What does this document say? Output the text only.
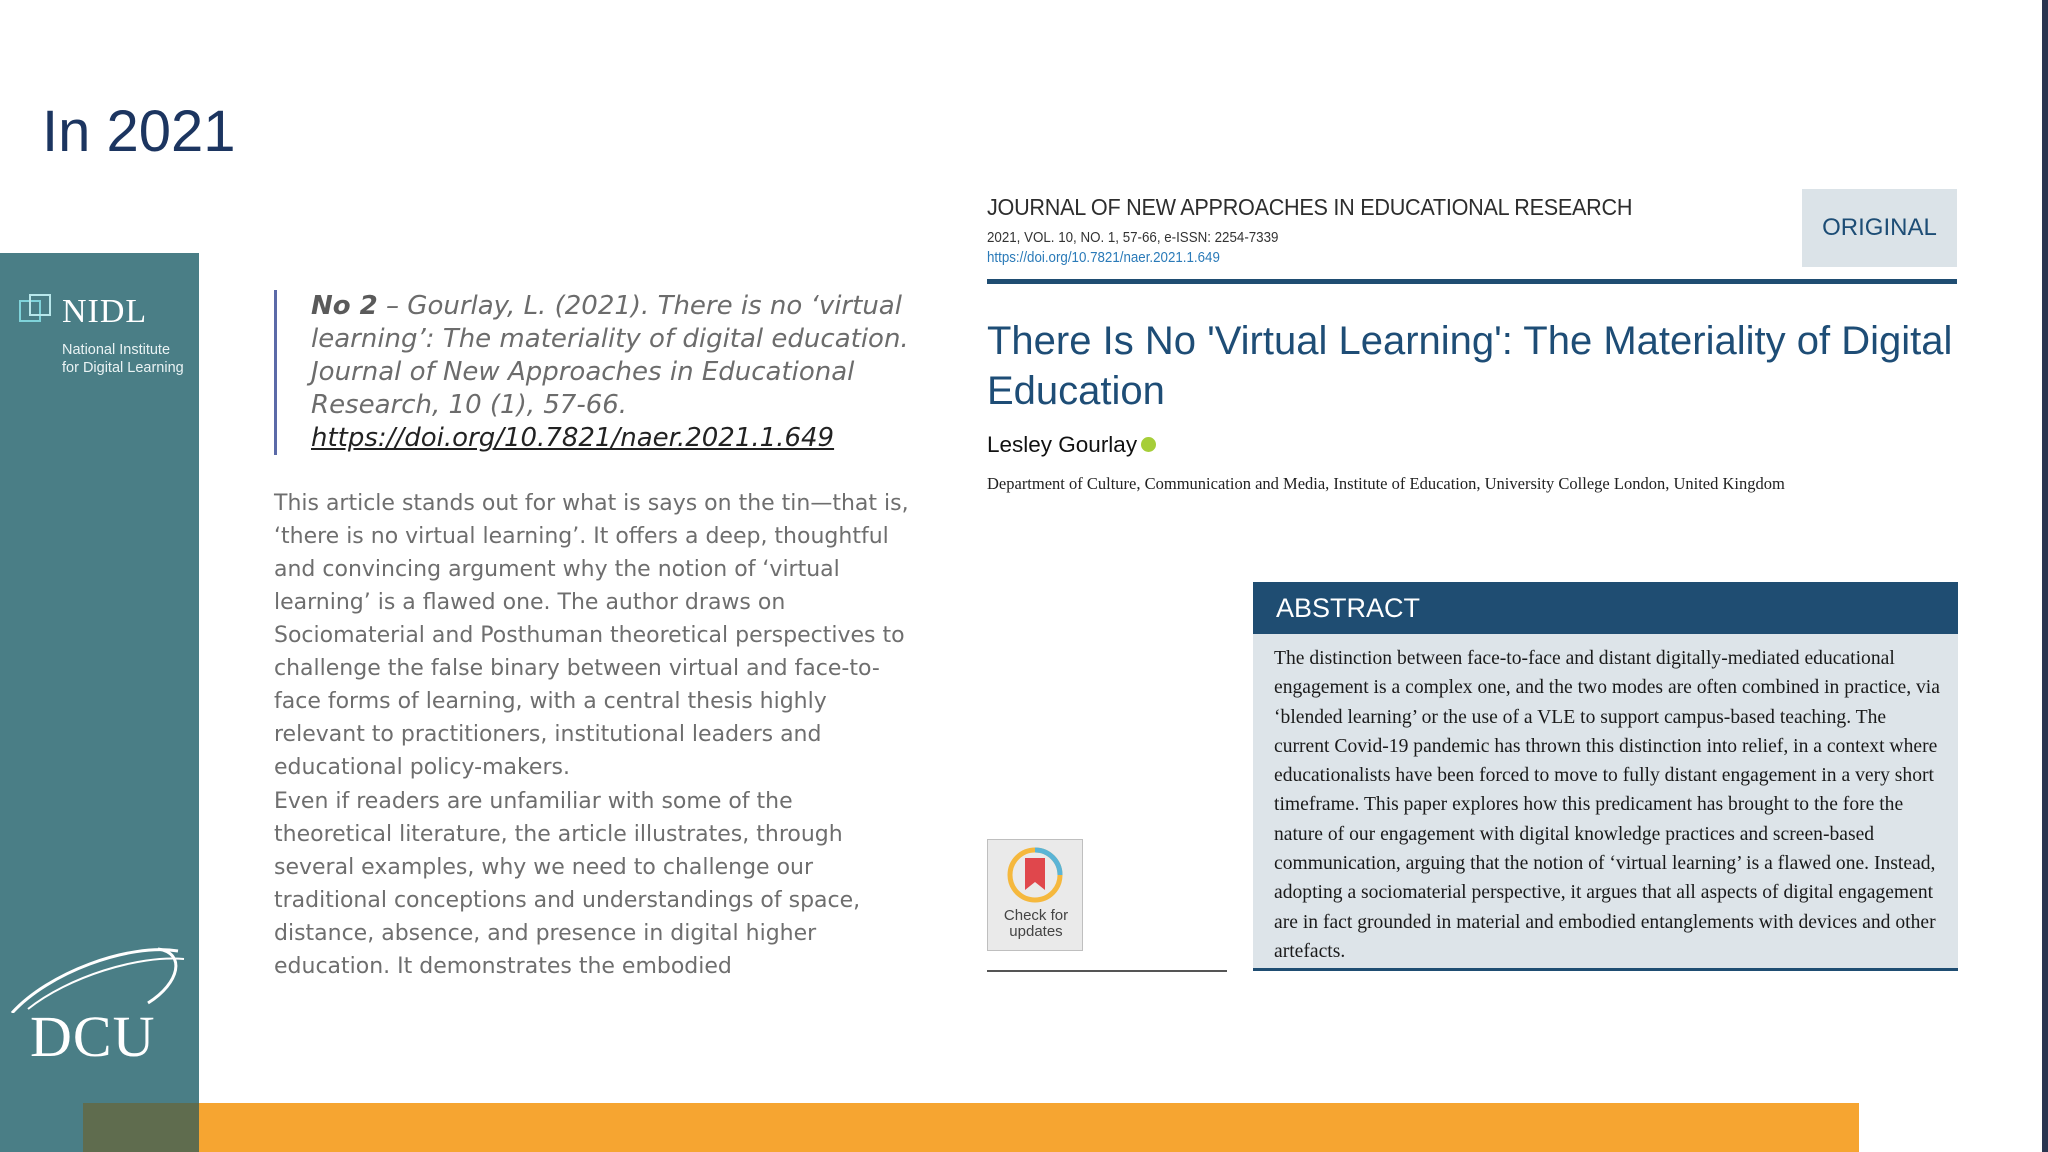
In 2021
NIDL
National Institute
for Digital Learning
DCU

No 2 – Gourlay, L. (2021). There is no ‘virtual learning’: The materiality of digital education. Journal of New Approaches in Educational Research, 10 (1), 57-66. https://doi.org/10.7821/naer.2021.1.649

This article stands out for what is says on the tin—that is, ‘there is no virtual learning’. It offers a deep, thoughtful and convincing argument why the notion of ‘virtual learning’ is a flawed one. The author draws on Sociomaterial and Posthuman theoretical perspectives to challenge the false binary between virtual and face-to-face forms of learning, with a central thesis highly relevant to practitioners, institutional leaders and educational policy-makers.

Even if readers are unfamiliar with some of the theoretical literature, the article illustrates, through several examples, why we need to challenge our traditional conceptions and understandings of space, distance, absence, and presence in digital higher education. It demonstrates the embodied

JOURNAL OF NEW APPROACHES IN EDUCATIONAL RESEARCH
2021, VOL. 10, NO. 1, 57-66, e-ISSN: 2254-7339
https://doi.org/10.7821/naer.2021.1.649
ORIGINAL
There Is No 'Virtual Learning': The Materiality of Digital Education
Lesley Gourlay
Department of Culture, Communication and Media, Institute of Education, University College London, United Kingdom
Check for updates
ABSTRACT

The distinction between face-to-face and distant digitally-mediated educational engagement is a complex one, and the two modes are often combined in practice, via ‘blended learning’ or the use of a VLE to support campus-based teaching. The current Covid-19 pandemic has thrown this distinction into relief, in a context where educationalists have been forced to move to fully distant engagement in a very short timeframe. This paper explores how this predicament has brought to the fore the nature of our engagement with digital knowledge practices and screen-based communication, arguing that the notion of ‘virtual learning’ is a flawed one. Instead, adopting a sociomaterial perspective, it argues that all aspects of digital engagement are in fact grounded in material and embodied entanglements with devices and other artefacts.
